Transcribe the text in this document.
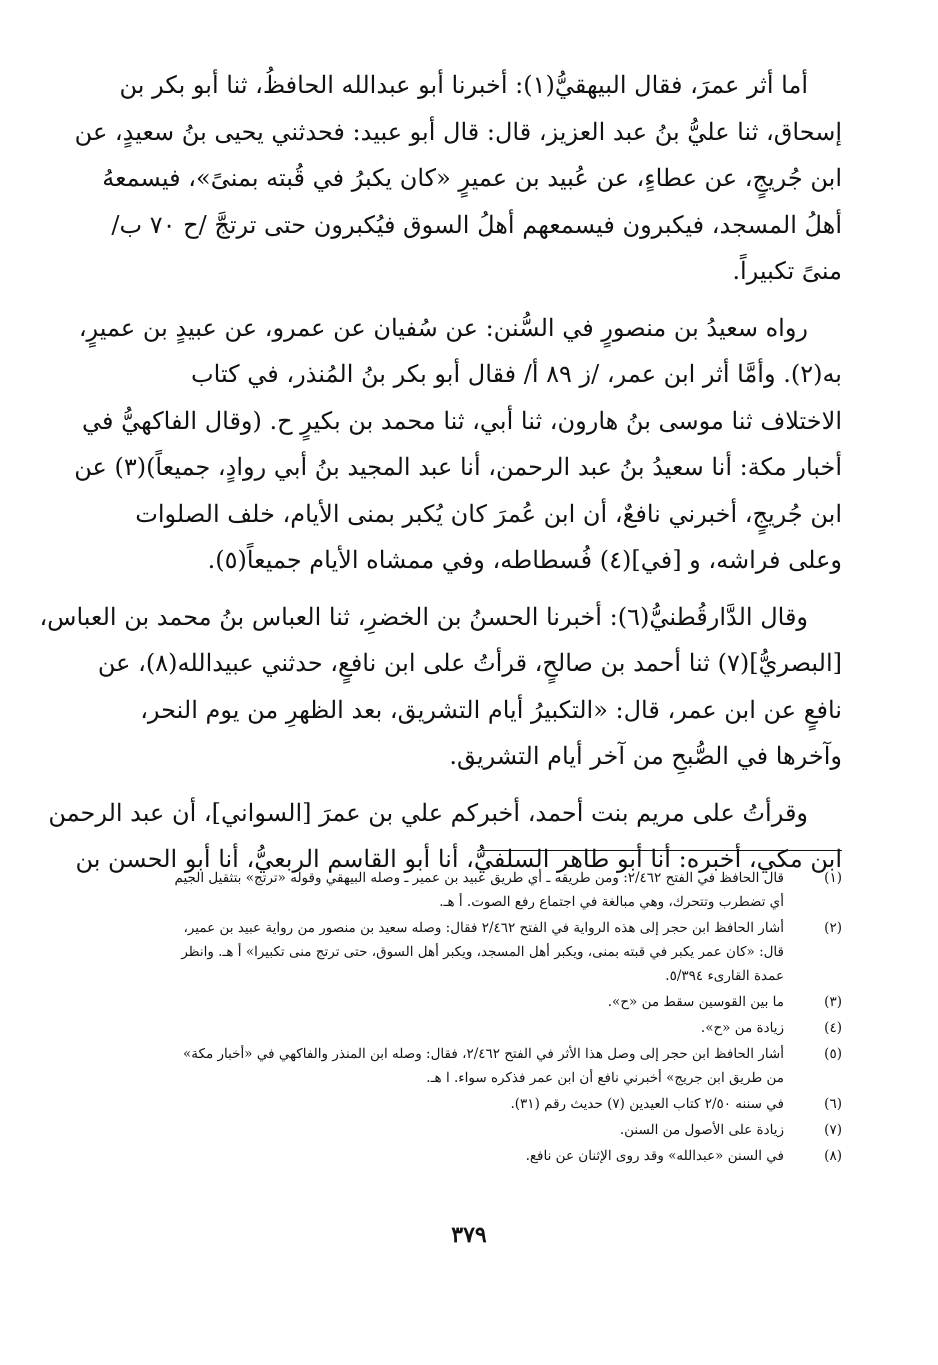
أما أثر عمرَ، فقال البيهقيُّ(١): أخبرنا أبو عبدالله الحافظُ، ثنا أبو بكر بن
إسحاق، ثنا عليُّ بنُ عبد العزيز، قال: قال أبو عبيد: فحدثني يحيى بنُ سعيدٍ، عن
ابن جُريجٍ، عن عطاءٍ، عن عُبيد بن عميرٍ «كان يكبرُ في قُبته بمنىً»، فيسمعهُ
أهلُ المسجد، فيكبرون فيسمعهم أهلُ السوق فيُكبرون حتى ترتجَّ /ح ٧٠ ب/
منىً تكبيراً.

رواه سعيدُ بن منصورٍ في السُّنن: عن سُفيان عن عمرو، عن عبيدٍ بن عميرٍ،
به(٢). وأمَّا أثر ابن عمر، /ز ٨٩ أ/ فقال أبو بكر بنُ المُنذر، في كتاب
الاختلاف ثنا موسى بنُ هارون، ثنا أبي، ثنا محمد بن بكيرٍ ح. (وقال الفاكهيُّ في
أخبار مكة: أنا سعيدُ بنُ عبد الرحمن، أنا عبد المجيد بنُ أبي روادٍ، جميعاً)(٣) عن
ابن جُريجٍ، أخبرني نافعٌ، أن ابن عُمرَ كان يُكبر بمنى الأيام، خلف الصلوات
وعلى فراشه، و [في](٤) فُسطاطه، وفي ممشاه الأيام جميعاً(٥).

وقال الدَّارقُطنيُّ(٦): أخبرنا الحسنُ بن الخضرِ، ثنا العباس بنُ محمد بن العباس،
[البصريُّ](٧) ثنا أحمد بن صالحٍ، قرأتُ على ابن نافعٍ، حدثني عبيدالله(٨)، عن
نافعٍ عن ابن عمر، قال: «التكبيرُ أيام التشريق، بعد الظهرِ من يوم النحر،
وآخرها في الصُّبحِ من آخر أيام التشريق.

وقرأتُ على مريم بنت أحمد، أخبركم علي بن عمرَ [السواني]، أن عبد الرحمن
ابن مكي، أخبره: أنا أبو طاهر السلفيُّ، أنا أبو القاسم الربعيُّ، أنا أبو الحسن بن

(١)
قال الحافظ في الفتح ٢/٤٦٢: ومن طريقه ـ أي طريق عبيد بن عمير ـ وصله البيهقي وقوله «ترتج» بتثقيل الجيم
أي تضطرب وتتحرك، وهي مبالغة في اجتماع رفع الصوت. أ هـ.
(٢)
أشار الحافظ ابن حجر إلى هذه الرواية في الفتح ٢/٤٦٢ فقال: وصله سعيد بن منصور من رواية عبيد بن عمير،
قال: «كان عمر يكبر في قبته بمنى، ويكبر أهل المسجد، ويكبر أهل السوق، حتى ترتج منى تكبيرا» أ هـ. وانظر
عمدة القارىء ٥/٣٩٤.
(٣)
ما بين القوسين سقط من «ح».
(٤)
زيادة من «ح».
(٥)
أشار الحافظ ابن حجر إلى وصل هذا الأثر في الفتح ٢/٤٦٢، فقال: وصله ابن المنذر والفاكهي في «أخبار مكة»
من طريق ابن جريج» أخبرني نافع أن ابن عمر فذكره سواء. ا هـ.
(٦)
في سننه ٢/٥٠ كتاب العيدين (٧) حديث رقم (٣١).
(٧)
زيادة على الأصول من السنن.
(٨)
في السنن «عبدالله» وقد روى الإثنان عن نافع.
٣٧٩
